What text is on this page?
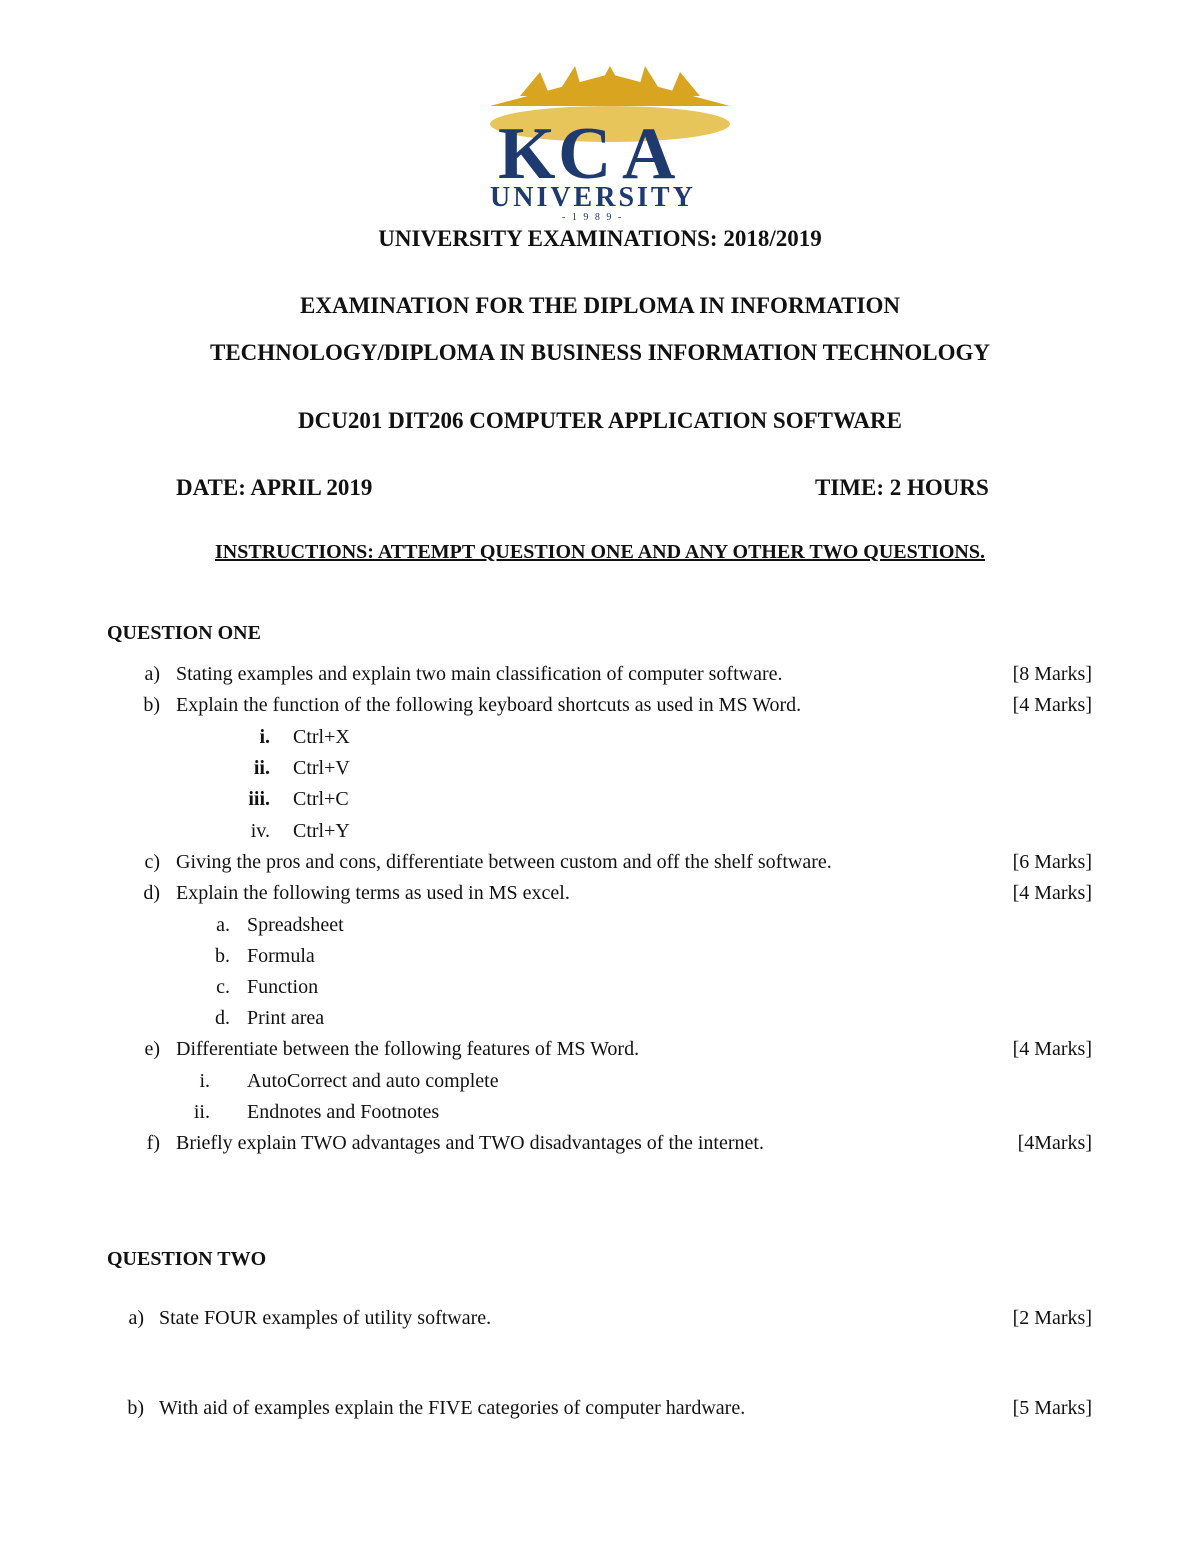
K C A
UNIVERSITY
- 1 9 8 9 -
UNIVERSITY EXAMINATIONS: 2018/2019
EXAMINATION FOR THE DIPLOMA IN INFORMATION
TECHNOLOGY/DIPLOMA IN BUSINESS INFORMATION TECHNOLOGY
DCU201 DIT206 COMPUTER APPLICATION SOFTWARE
DATE: APRIL 2019	TIME: 2 HOURS
INSTRUCTIONS: ATTEMPT QUESTION ONE AND ANY OTHER TWO QUESTIONS.
QUESTION ONE
a) Stating examples and explain two main classification of computer software.	[8 Marks]
b) Explain the function of the following keyboard shortcuts as used in MS Word.	[4 Marks]
i. Ctrl+X
ii. Ctrl+V
iii. Ctrl+C
iv. Ctrl+Y
c) Giving the pros and cons, differentiate between custom and off the shelf software.	[6 Marks]
d) Explain the following terms as used in MS excel.	[4 Marks]
a. Spreadsheet
b. Formula
c. Function
d. Print area
e) Differentiate between the following features of MS Word.	[4 Marks]
i. AutoCorrect and auto complete
ii. Endnotes and Footnotes
f) Briefly explain TWO advantages and TWO disadvantages of the internet.	[4Marks]
QUESTION TWO
a) State FOUR examples of utility software.	[2 Marks]
b) With aid of examples explain the FIVE categories of computer hardware.	[5 Marks]
